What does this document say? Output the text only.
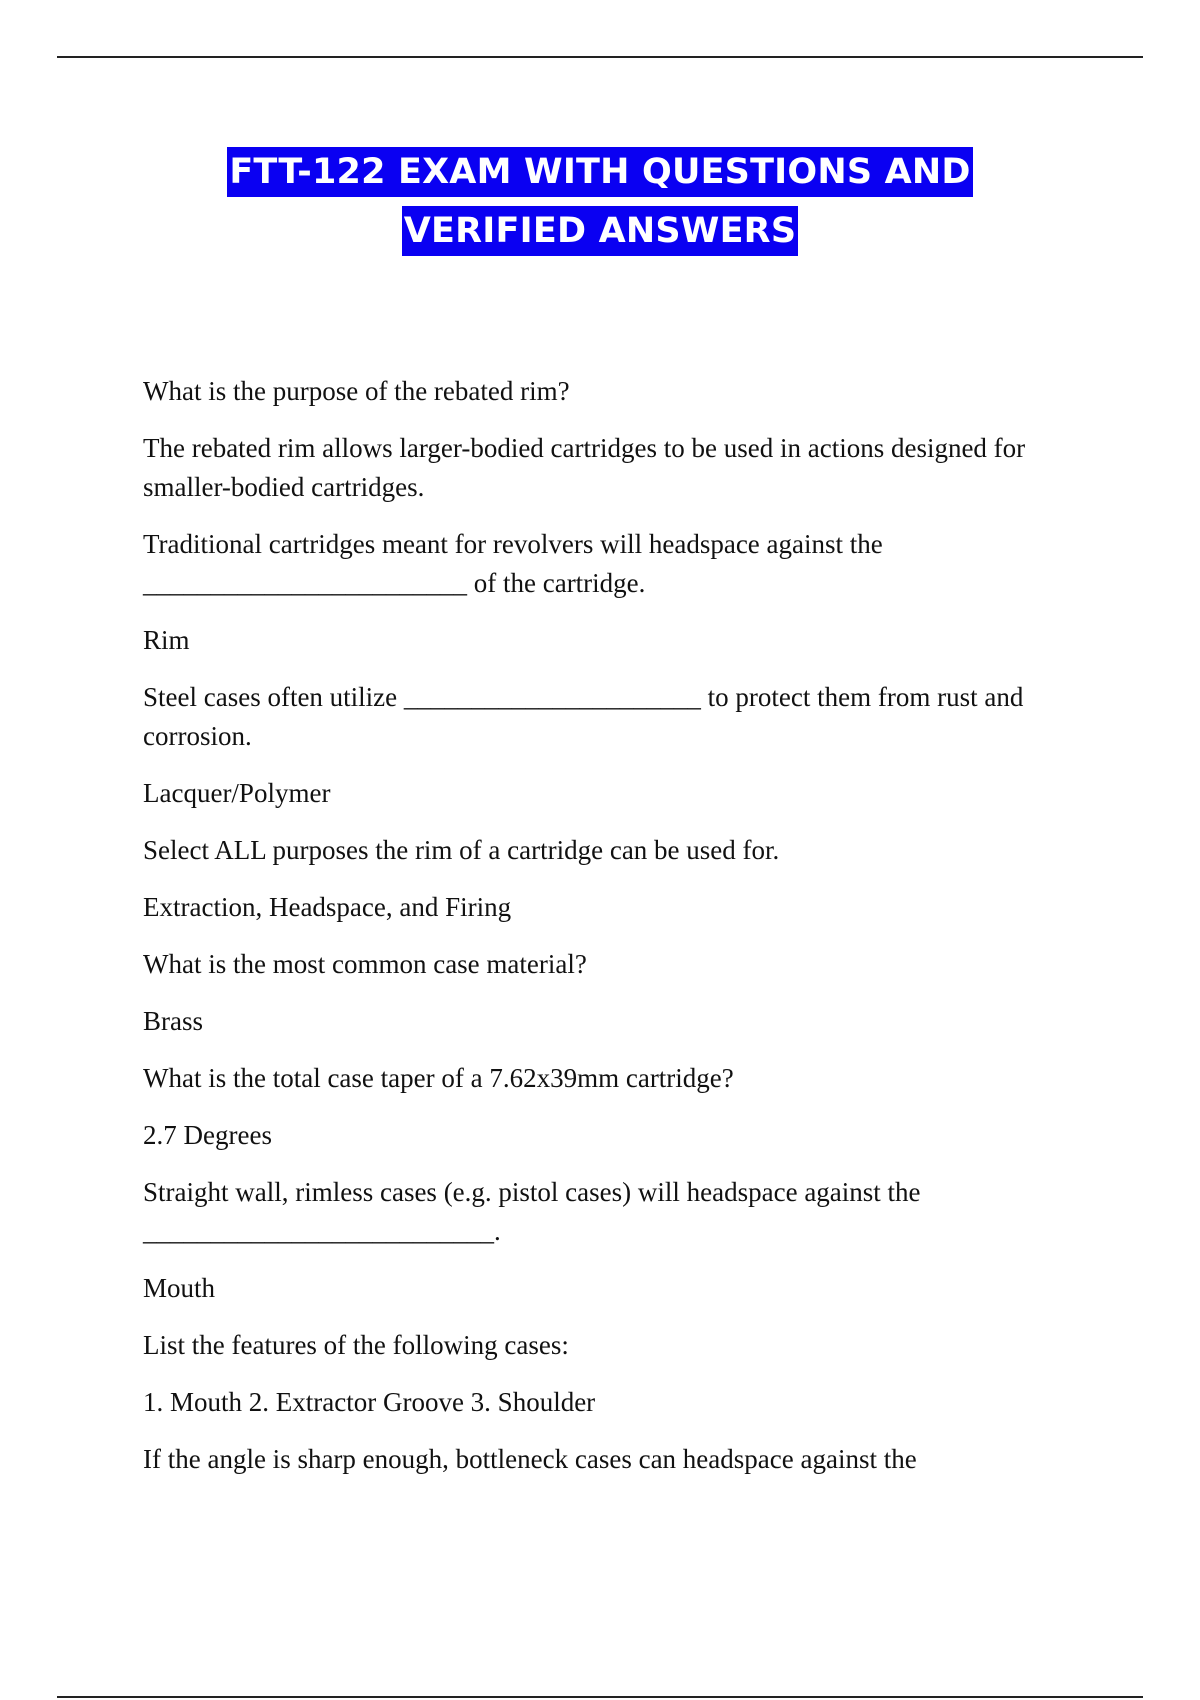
FTT-122 EXAM WITH QUESTIONS AND
VERIFIED ANSWERS

What is the purpose of the rebated rim?

The rebated rim allows larger-bodied cartridges to be used in actions designed for smaller-bodied cartridges.

Traditional cartridges meant for revolvers will headspace against the ________________________ of the cartridge.

Rim

Steel cases often utilize ______________________ to protect them from rust and corrosion.

Lacquer/Polymer

Select ALL purposes the rim of a cartridge can be used for.

Extraction, Headspace, and Firing

What is the most common case material?

Brass

What is the total case taper of a 7.62x39mm cartridge?

2.7 Degrees

Straight wall, rimless cases (e.g. pistol cases) will headspace against the __________________________.

Mouth

List the features of the following cases:

1. Mouth 2. Extractor Groove 3. Shoulder

If the angle is sharp enough, bottleneck cases can headspace against the
